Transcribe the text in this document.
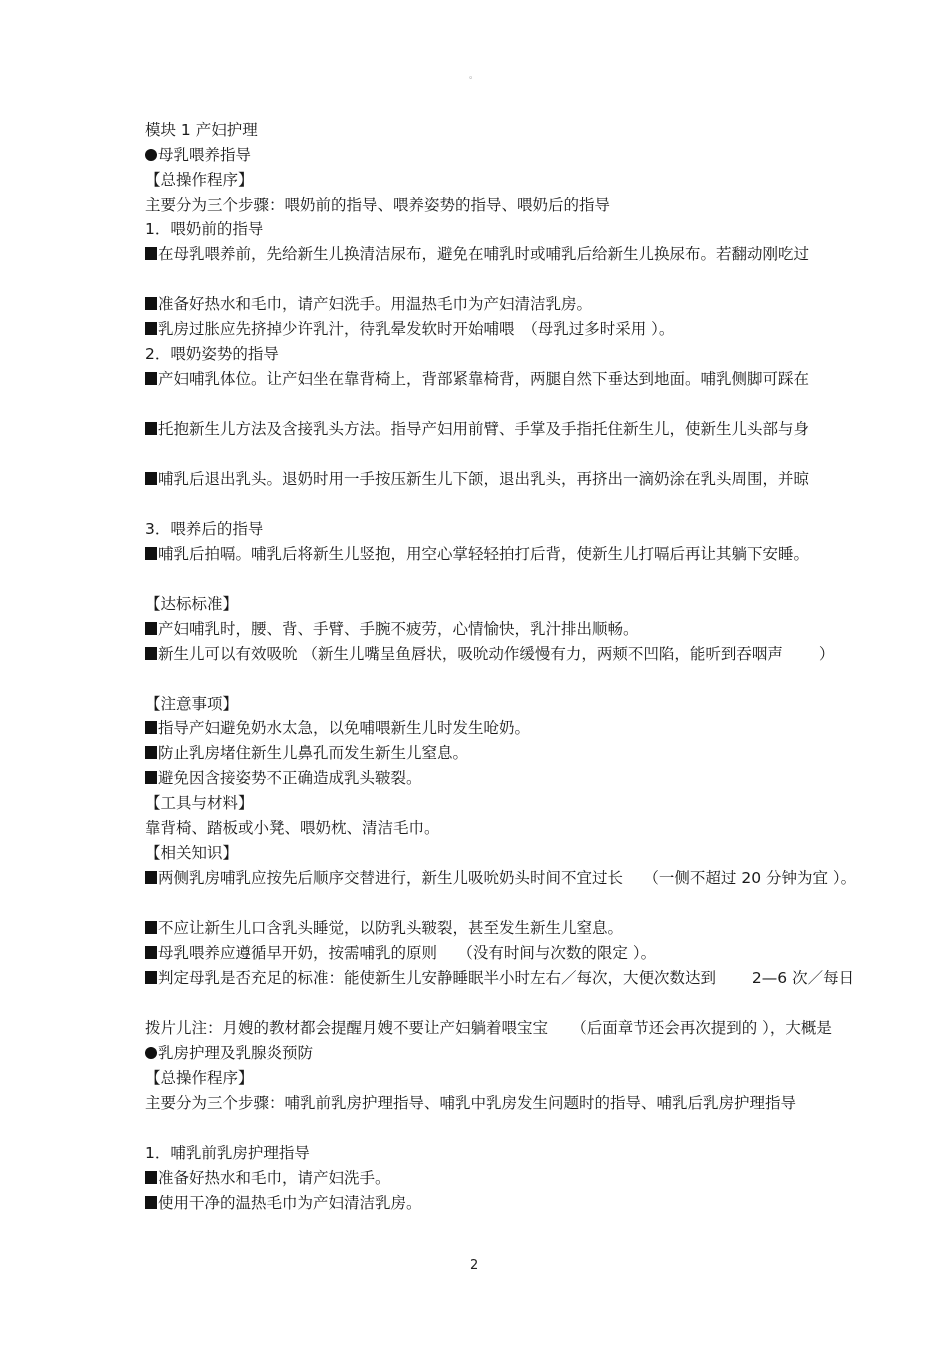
。
模块 1 产妇护理
母乳喂养指导
【总操作程序】
主要分为三个步骤：喂奶前的指导、喂养姿势的指导、喂奶后的指导
1．喂奶前的指导
在母乳喂养前，先给新生儿换清洁尿布，避免在哺乳时或哺乳后给新生儿换尿布。若翻动刚吃过
准备好热水和毛巾，请产妇洗手。用温热毛巾为产妇清洁乳房。
乳房过胀应先挤掉少许乳汁，待乳晕发软时开始哺喂　（母乳过多时采用 ）。
2．喂奶姿势的指导
产妇哺乳体位。让产妇坐在靠背椅上，背部紧靠椅背，两腿自然下垂达到地面。哺乳侧脚可踩在
托抱新生儿方法及含接乳头方法。指导产妇用前臂、手掌及手指托住新生儿，使新生儿头部与身
哺乳后退出乳头。退奶时用一手按压新生儿下颌，退出乳头，再挤出一滴奶涂在乳头周围，并晾
3．喂养后的指导
哺乳后拍嗝。哺乳后将新生儿竖抱，用空心掌轻轻拍打后背，使新生儿打嗝后再让其躺下安睡。
【达标标准】
产妇哺乳时，腰、背、手臂、手腕不疲劳，心情愉快，乳汁排出顺畅。
新生儿可以有效吸吮 （新生儿嘴呈鱼唇状，吸吮动作缓慢有力，两颊不凹陷，能听到吞咽声　　 ）
【注意事项】
指导产妇避免奶水太急，以免哺喂新生儿时发生呛奶。
防止乳房堵住新生儿鼻孔而发生新生儿窒息。
避免因含接姿势不正确造成乳头皲裂。
【工具与材料】
靠背椅、踏板或小凳、喂奶枕、清洁毛巾。
【相关知识】
两侧乳房哺乳应按先后顺序交替进行，新生儿吸吮奶头时间不宜过长　 （一侧不超过 20 分钟为宜 ）。
不应让新生儿口含乳头睡觉，以防乳头皲裂，甚至发生新生儿窒息。
母乳喂养应遵循早开奶，按需哺乳的原则　 （没有时间与次数的限定 ）。
判定母乳是否充足的标准：能使新生儿安静睡眠半小时左右／每次，大便次数达到　　 2—6 次／每日
拨片儿注：月嫂的教材都会提醒月嫂不要让产妇躺着喂宝宝　　（后面章节还会再次提到的 ），大概是
乳房护理及乳腺炎预防
【总操作程序】
主要分为三个步骤：哺乳前乳房护理指导、哺乳中乳房发生问题时的指导、哺乳后乳房护理指导
1．哺乳前乳房护理指导
准备好热水和毛巾，请产妇洗手。
使用干净的温热毛巾为产妇清洁乳房。
2
